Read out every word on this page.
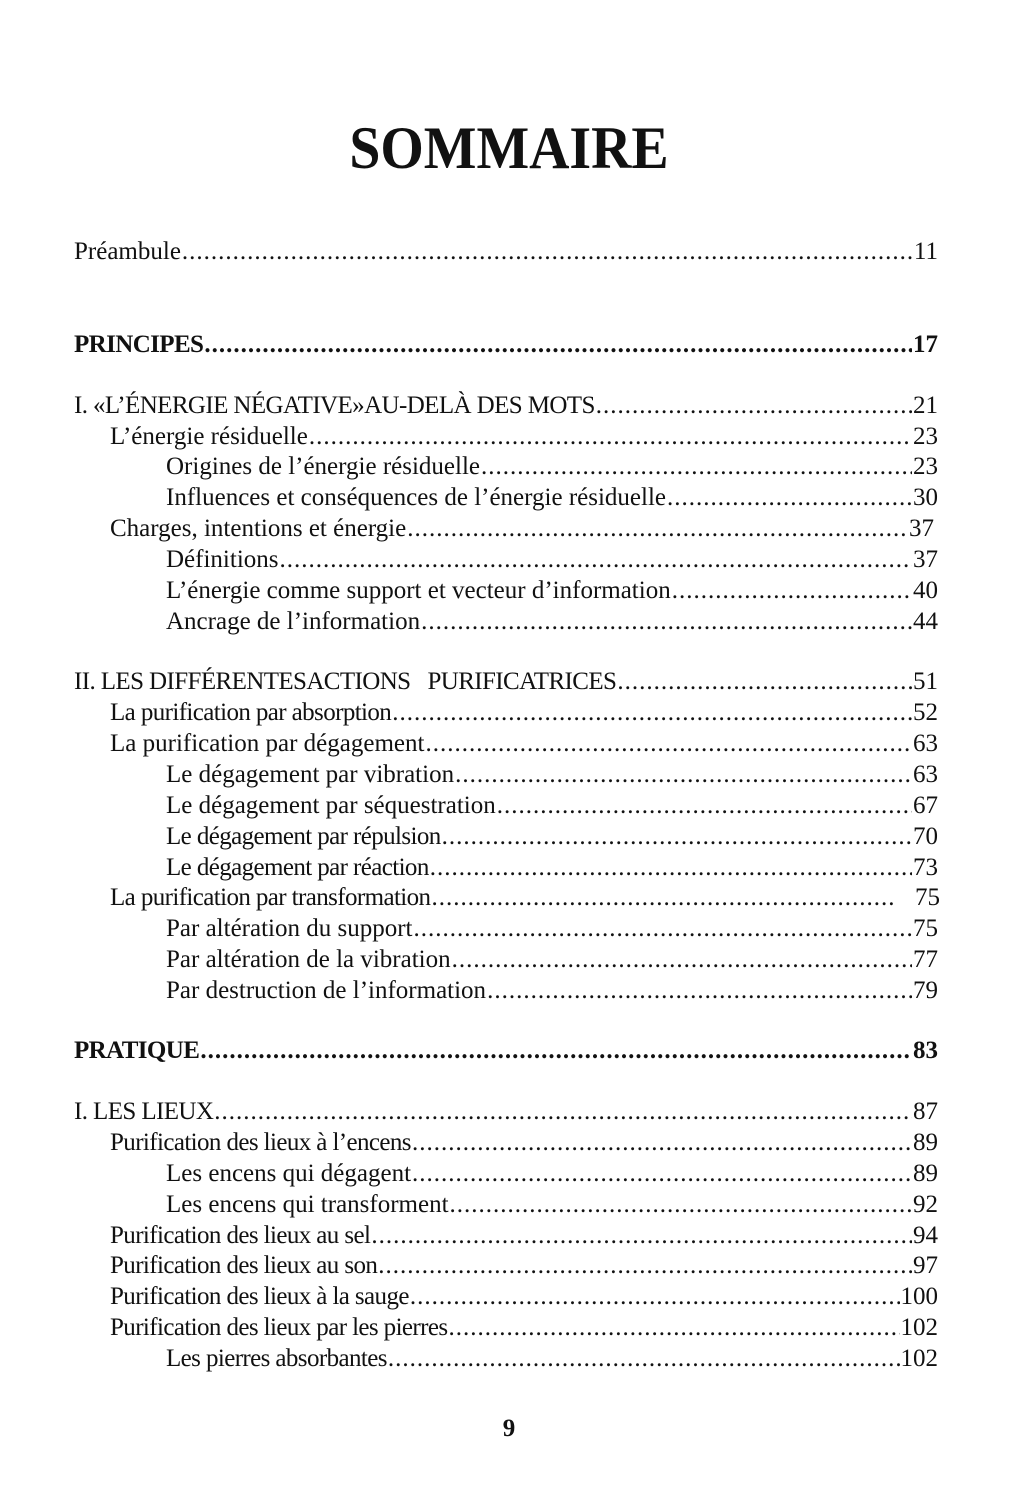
SOMMAIRE
Préambule .....	11
PRINCIPES .....	17
I. «L’ÉNERGIE NÉGATIVE»AU-DELÀ DES MOTS .....	21
L’énergie résiduelle .....	23
Origines de l’énergie résiduelle .....	23
Influences et conséquences de l’énergie résiduelle .....	30
Charges, intentions et énergie .....	37
Définitions .....	37
L’énergie comme support et vecteur d’information .....	40
Ancrage de l’information .....	44
II. LES DIFFÉRENTESACTIONS   PURIFICATRICES .....	51
La purification par absorption .....	52
La purification par dégagement .....	63
Le dégagement par vibration .....	63
Le dégagement par séquestration .....	67
Le dégagement par répulsion .....	70
Le dégagement par réaction .....	73
La purification par transformation .....	75
Par altération du support .....	75
Par altération de la vibration .....	77
Par destruction de l’information .....	79
PRATIQUE .....	83
I. LES LIEUX .....	87
Purification des lieux à l’encens .....	89
Les encens qui dégagent .....	89
Les encens qui transforment .....	92
Purification des lieux au sel .....	94
Purification des lieux au son .....	97
Purification des lieux à la sauge .....	100
Purification des lieux par les pierres .....	102
Les pierres absorbantes .....	102
9
